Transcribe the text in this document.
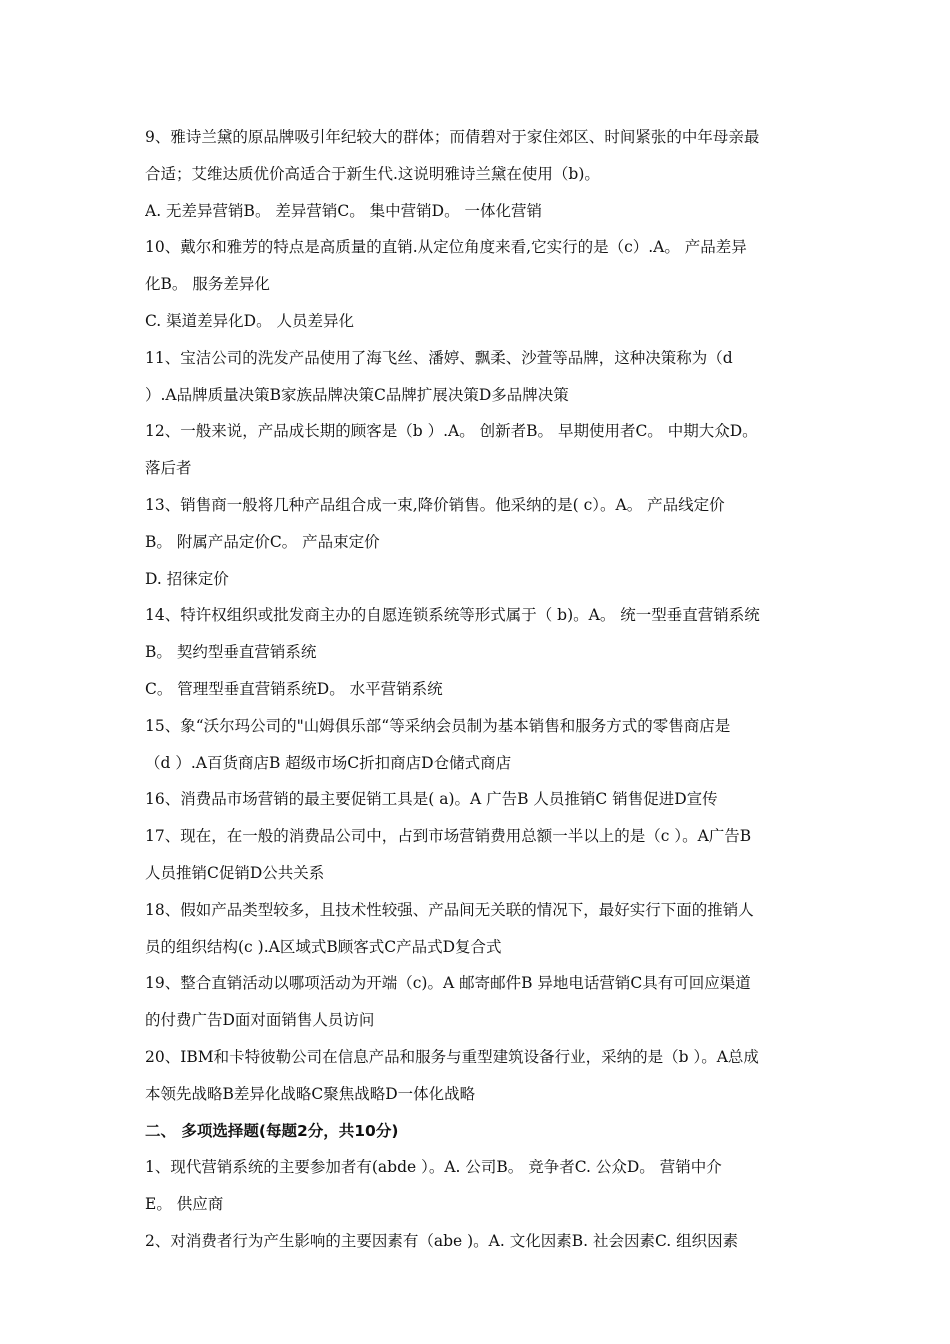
9、雅诗兰黛的原品牌吸引年纪较大的群体；而倩碧对于家住郊区、时间紧张的中年母亲最
合适；艾维达质优价高适合于新生代.这说明雅诗兰黛在使用（b)。
A. 无差异营销B。 差异营销C。 集中营销D。 一体化营销
10、戴尔和雅芳的特点是高质量的直销.从定位角度来看,它实行的是（c）.A。 产品差异
化B。 服务差异化
C. 渠道差异化D。 人员差异化
11、宝洁公司的洗发产品使用了海飞丝、潘婷、飘柔、沙萱等品牌，这种决策称为（d
）.A品牌质量决策B家族品牌决策C品牌扩展决策D多品牌决策
12、一般来说，产品成长期的顾客是（b ）.A。 创新者B。 早期使用者C。 中期大众D。
落后者
13、销售商一般将几种产品组合成一束,降价销售。他采纳的是( c）。A。 产品线定价
B。 附属产品定价C。 产品束定价
D. 招徕定价
14、特许权组织或批发商主办的自愿连锁系统等形式属于（ b)。A。 统一型垂直营销系统
B。 契约型垂直营销系统
C。 管理型垂直营销系统D。 水平营销系统
15、象“沃尔玛公司的"山姆俱乐部“等采纳会员制为基本销售和服务方式的零售商店是
（d ）.A百货商店B 超级市场C折扣商店D仓储式商店
16、消费品市场营销的最主要促销工具是( a)。A 广告B 人员推销C 销售促进D宣传
17、现在，在一般的消费品公司中，占到市场营销费用总额一半以上的是（c ）。A广告B
人员推销C促销D公共关系
18、假如产品类型较多，且技术性较强、产品间无关联的情况下，最好实行下面的推销人
员的组织结构(c ).A区域式B顾客式C产品式D复合式
19、整合直销活动以哪项活动为开端（c)。A 邮寄邮件B 异地电话营销C具有可回应渠道
的付费广告D面对面销售人员访问
20、IBM和卡特彼勒公司在信息产品和服务与重型建筑设备行业，采纳的是（b ）。A总成
本领先战略B差异化战略C聚焦战略D一体化战略
二、 多项选择题(每题2分，共10分)
1、现代营销系统的主要参加者有(abde ）。A. 公司B。 竞争者C. 公众D。 营销中介
E。 供应商
2、对消费者行为产生影响的主要因素有（abe )。A. 文化因素B. 社会因素C. 组织因素
